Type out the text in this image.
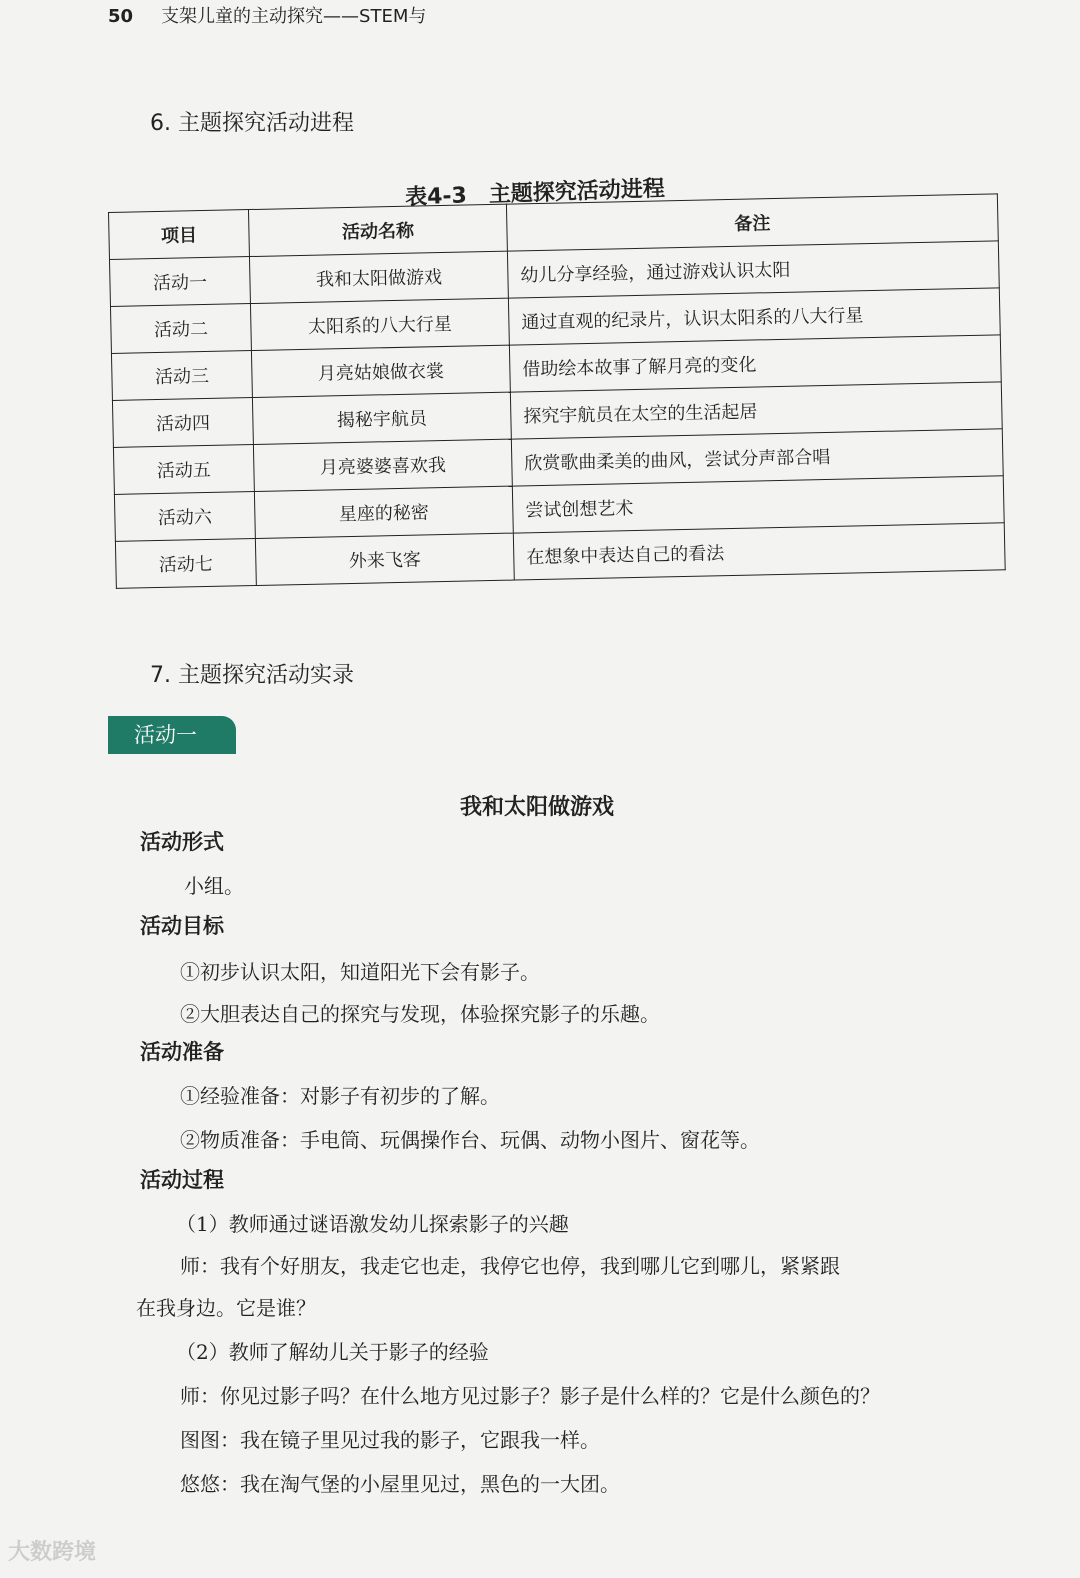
50 支架儿童的主动探究——STEM与
6. 主题探究活动进程
表4-3　主题探究活动进程
项目	活动名称	备注
活动一	我和太阳做游戏	幼儿分享经验，通过游戏认识太阳
活动二	太阳系的八大行星	通过直观的纪录片，认识太阳系的八大行星
活动三	月亮姑娘做衣裳	借助绘本故事了解月亮的变化
活动四	揭秘宇航员	探究宇航员在太空的生活起居
活动五	月亮婆婆喜欢我	欣赏歌曲柔美的曲风，尝试分声部合唱
活动六	星座的秘密	尝试创想艺术
活动七	外来飞客	在想象中表达自己的看法
7. 主题探究活动实录
活动一
我和太阳做游戏
活动形式
小组。
活动目标
①初步认识太阳，知道阳光下会有影子。
②大胆表达自己的探究与发现，体验探究影子的乐趣。
活动准备
①经验准备：对影子有初步的了解。
②物质准备：手电筒、玩偶操作台、玩偶、动物小图片、窗花等。
活动过程
（1）教师通过谜语激发幼儿探索影子的兴趣
师：我有个好朋友，我走它也走，我停它也停，我到哪儿它到哪儿，紧紧跟
在我身边。它是谁？
（2）教师了解幼儿关于影子的经验
师：你见过影子吗？在什么地方见过影子？影子是什么样的？它是什么颜色的？
图图：我在镜子里见过我的影子，它跟我一样。
悠悠：我在淘气堡的小屋里见过，黑色的一大团。
大数跨境
